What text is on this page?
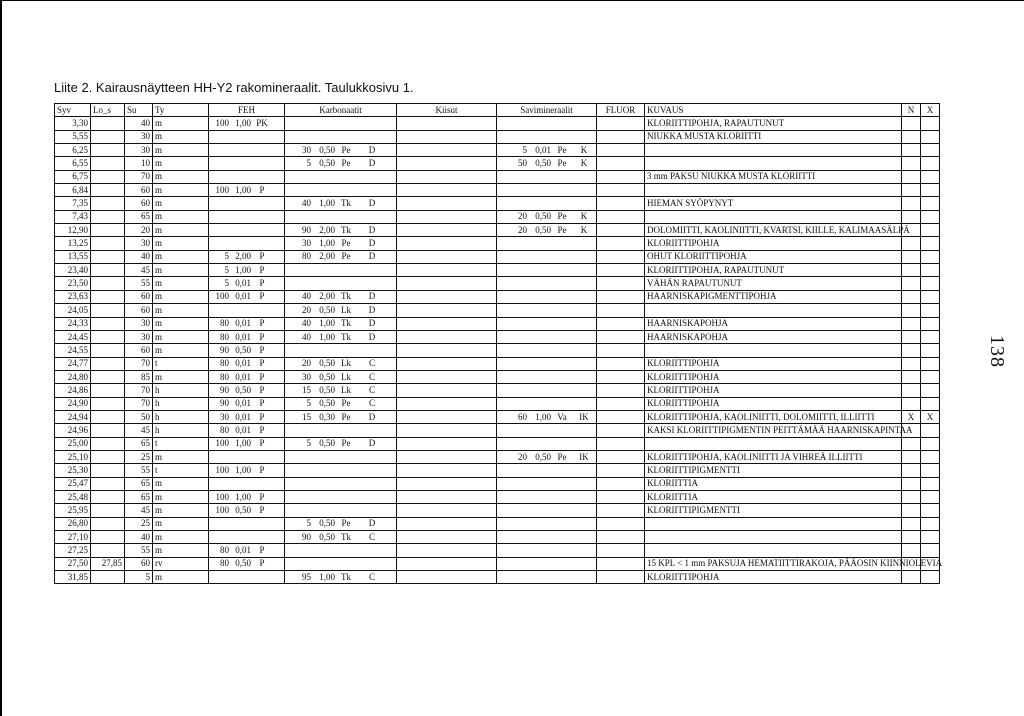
Liite 2. Kairausnäytteen HH-Y2 rakomineraalit. Taulukkosivu 1.
138
Syv	Lo_s	Su	Ty	FEH	Karbonaatit	Kiisut	Savimineraalit	FLUOR	KUVAUS	N	X
3,30		40	m	100 1,00 PK					KLORIITTIPOHJA, RAPAUTUNUT		
5,55		30	m						NIUKKA MUSTA KLORIITTI		
6,25		30	m		30 0,50 Pe D		5 0,01 Pe K				

6,55		10	m		5 0,50 Pe D		50 0,50 Pe K				

6,75		70	m						3 mm PAKSU NIUKKA MUSTA KLORIITTI		
6,84		60	m	100 1,00 P							

7,35		60	m		40 1,00 Tk D				HIEMAN SYÖPYNYT		
7,43		65	m				20 0,50 Pe K				

12,90		20	m		90 2,00 Tk D		20 0,50 Pe K		DOLOMIITTI, KAOLINIITTI, KVARTSI, KIILLE, KALIMAASÄLPÄ		
13,25		30	m		30 1,00 Pe D				KLORIITTIPOHJA		
13,55		40	m	5 2,00 P	80 2,00 Pe D				OHUT KLORIITTIPOHJA		
23,40		45	m	5 1,00 P					KLORIITTIPOHJA, RAPAUTUNUT		
23,50		55	m	5 0,01 P					VÄHÄN RAPAUTUNUT		
23,63		60	m	100 0,01 P	40 2,00 Tk D				HAARNISKAPIGMENTTIPOHJA		
24,05		60	m		20 0,50 Lk D						

24,33		30	m	80 0,01 P	40 1,00 Tk D				HAARNISKAPOHJA		
24,45		30	m	80 0,01 P	40 1,00 Tk D				HAARNISKAPOHJA		
24,55		60	m	90 0,50 P							

24,77		70	t	80 0,01 P	20 0,50 Lk C				KLORIITTIPOHJA		
24,80		85	m	80 0,01 P	30 0,50 Lk C				KLORIITTIPOHJA		
24,86		70	h	90 0,50 P	15 0,50 Lk C				KLORIITTIPOHJA		
24,90		70	h	90 0,01 P	5 0,50 Pe C				KLORIITTIPOHJA		
24,94		50	h	30 0,01 P	15 0,30 Pe D		60 1,00 Va IK		KLORIITTIPOHJA, KAOLINIITTI, DOLOMIITTI, ILLIITTI	X	X
24,96		45	h	80 0,01 P					KAKSI KLORIITTIPIGMENTIN PEITTÄMÄÄ HAARNISKAPINTAA		
25,00		65	t	100 1,00 P	5 0,50 Pe D						

25,10		25	m				20 0,50 Pe IK		KLORIITTIPOHJA, KAOLINIITTI JA VIHREÄ ILLIITTI		
25,30		55	t	100 1,00 P					KLORIITTIPIGMENTTI		
25,47		65	m						KLORIITTIA		
25,48		65	m	100 1,00 P					KLORIITTIA		
25,95		45	m	100 0,50 P					KLORIITTIPIGMENTTI		
26,80		25	m		5 0,50 Pe D						

27,10		40	m		90 0,50 Tk C						

27,25		55	m	80 0,01 P							

27,50	27,85	60	rv	80 0,50 P					15 KPL < 1 mm PAKSUJA HEMATIITTIRAKOJA, PÄÄOSIN KIINNIOLEVIA		
31,85		5	m		95 1,00 Tk C				KLORIITTIPOHJA		
